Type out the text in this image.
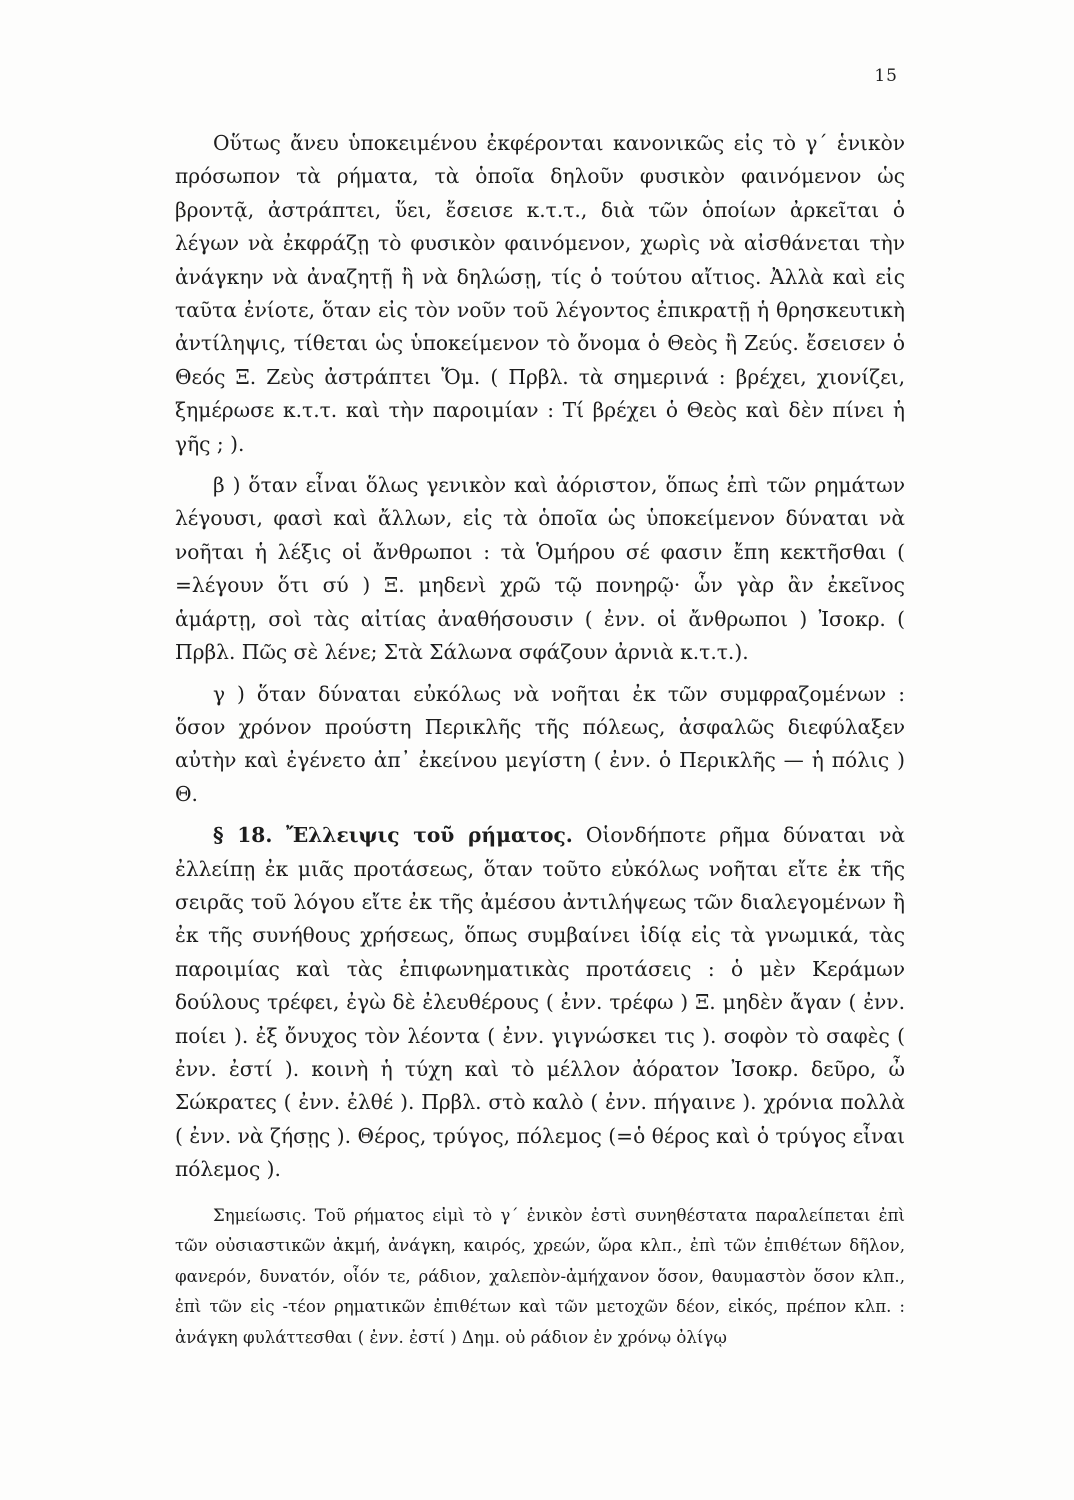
15

Οὕτως ἄνευ ὑποκειμένου ἐκφέρονται κανονικῶς εἰς τὸ γ΄ ἑνικὸν πρόσωπον τὰ ρήματα, τὰ ὁποῖα δηλοῦν φυσικὸν φαινόμενον ὡς βροντᾷ, ἀστράπτει, ὕει, ἔσεισε κ.τ.τ., διὰ τῶν ὁποίων ἀρκεῖται ὁ λέγων νὰ ἐκφράζῃ τὸ φυσικὸν φαινόμενον, χωρὶς νὰ αἰσθάνεται τὴν ἀνάγκην νὰ ἀναζητῇ ἢ νὰ δηλώσῃ, τίς ὁ τούτου αἴτιος. Ἀλλὰ καὶ εἰς ταῦτα ἐνίοτε, ὅταν εἰς τὸν νοῦν τοῦ λέγοντος ἐπικρατῇ ἡ θρησκευτικὴ ἀντίληψις, τίθεται ὡς ὑποκείμενον τὸ ὄνομα ὁ Θεὸς ἢ Ζεύς. ἔσεισεν ὁ Θεός Ξ. Ζεὺς ἀστράπτει Ὅμ. ( Πρβλ. τὰ σημερινά : βρέχει, χιονίζει, ξημέρωσε κ.τ.τ. καὶ τὴν παροιμίαν : Τί βρέχει ὁ Θεὸς καὶ δὲν πίνει ἡ γῆς ; ).

β ) ὅταν εἶναι ὅλως γενικὸν καὶ ἀόριστον, ὅπως ἐπὶ τῶν ρημάτων λέγουσι, φασὶ καὶ ἄλλων, εἰς τὰ ὁποῖα ὡς ὑποκείμενον δύναται νὰ νοῆται ἡ λέξις οἱ ἄνθρωποι : τὰ Ὁμήρου σέ φασιν ἔπη κεκτῆσθαι ( =λέγουν ὅτι σύ ) Ξ. μηδενὶ χρῶ τῷ πονηρῷ· ὧν γὰρ ἂν ἐκεῖνος ἁμάρτῃ, σοὶ τὰς αἰτίας ἀναθήσουσιν ( ἐνν. οἱ ἄνθρωποι ) Ἰσοκρ. ( Πρβλ. Πῶς σὲ λένε; Στὰ Σάλωνα σφάζουν ἀρνιὰ κ.τ.τ.).

γ ) ὅταν δύναται εὐκόλως νὰ νοῆται ἐκ τῶν συμφραζομένων : ὅσον χρόνον προύστη Περικλῆς τῆς πόλεως, ἀσφαλῶς διεφύλαξεν αὐτὴν καὶ ἐγένετο ἀπ᾿ ἐκείνου μεγίστη ( ἐνν. ὁ Περικλῆς — ἡ πόλις ) Θ.

§ 18. Ἔλλειψις τοῦ ρήματος. Οἱονδήποτε ρῆμα δύναται νὰ ἐλλείπῃ ἐκ μιᾶς προτάσεως, ὅταν τοῦτο εὐκόλως νοῆται εἴτε ἐκ τῆς σειρᾶς τοῦ λόγου εἴτε ἐκ τῆς ἀμέσου ἀντιλήψεως τῶν διαλεγομένων ἢ ἐκ τῆς συνήθους χρήσεως, ὅπως συμβαίνει ἰδίᾳ εἰς τὰ γνωμικά, τὰς παροιμίας καὶ τὰς ἐπιφωνηματικὰς προτάσεις : ὁ μὲν Κεράμων δούλους τρέφει, ἐγὼ δὲ ἐλευθέρους ( ἐνν. τρέφω ) Ξ. μηδὲν ἄγαν ( ἐνν. ποίει ). ἐξ ὄνυχος τὸν λέοντα ( ἐνν. γιγνώσκει τις ). σοφὸν τὸ σαφὲς ( ἐνν. ἐστί ). κοινὴ ἡ τύχη καὶ τὸ μέλλον ἀόρατον Ἰσοκρ. δεῦρο, ὦ Σώκρατες ( ἐνν. ἐλθέ ). Πρβλ. στὸ καλὸ ( ἐνν. πήγαινε ). χρόνια πολλὰ ( ἐνν. νὰ ζήσῃς ). Θέρος, τρύγος, πόλεμος (=ὁ θέρος καὶ ὁ τρύγος εἶναι πόλεμος ).

Σημείωσις. Τοῦ ρήματος εἰμὶ τὸ γ΄ ἑνικὸν ἐστὶ συνηθέστατα παραλείπεται ἐπὶ τῶν οὐσιαστικῶν ἀκμή, ἀνάγκη, καιρός, χρεών, ὥρα κλπ., ἐπὶ τῶν ἐπιθέτων δῆλον, φανερόν, δυνατόν, οἷόν τε, ράδιον, χαλεπὸν-ἀμήχανον ὅσον, θαυμαστὸν ὅσον κλπ., ἐπὶ τῶν εἰς -τέον ρηματικῶν ἐπιθέτων καὶ τῶν μετοχῶν δέον, εἰκός, πρέπον κλπ. : ἀνάγκη φυλάττεσθαι ( ἐνν. ἐστί ) Δημ. οὐ ράδιον ἐν χρόνῳ ὀλίγῳ
